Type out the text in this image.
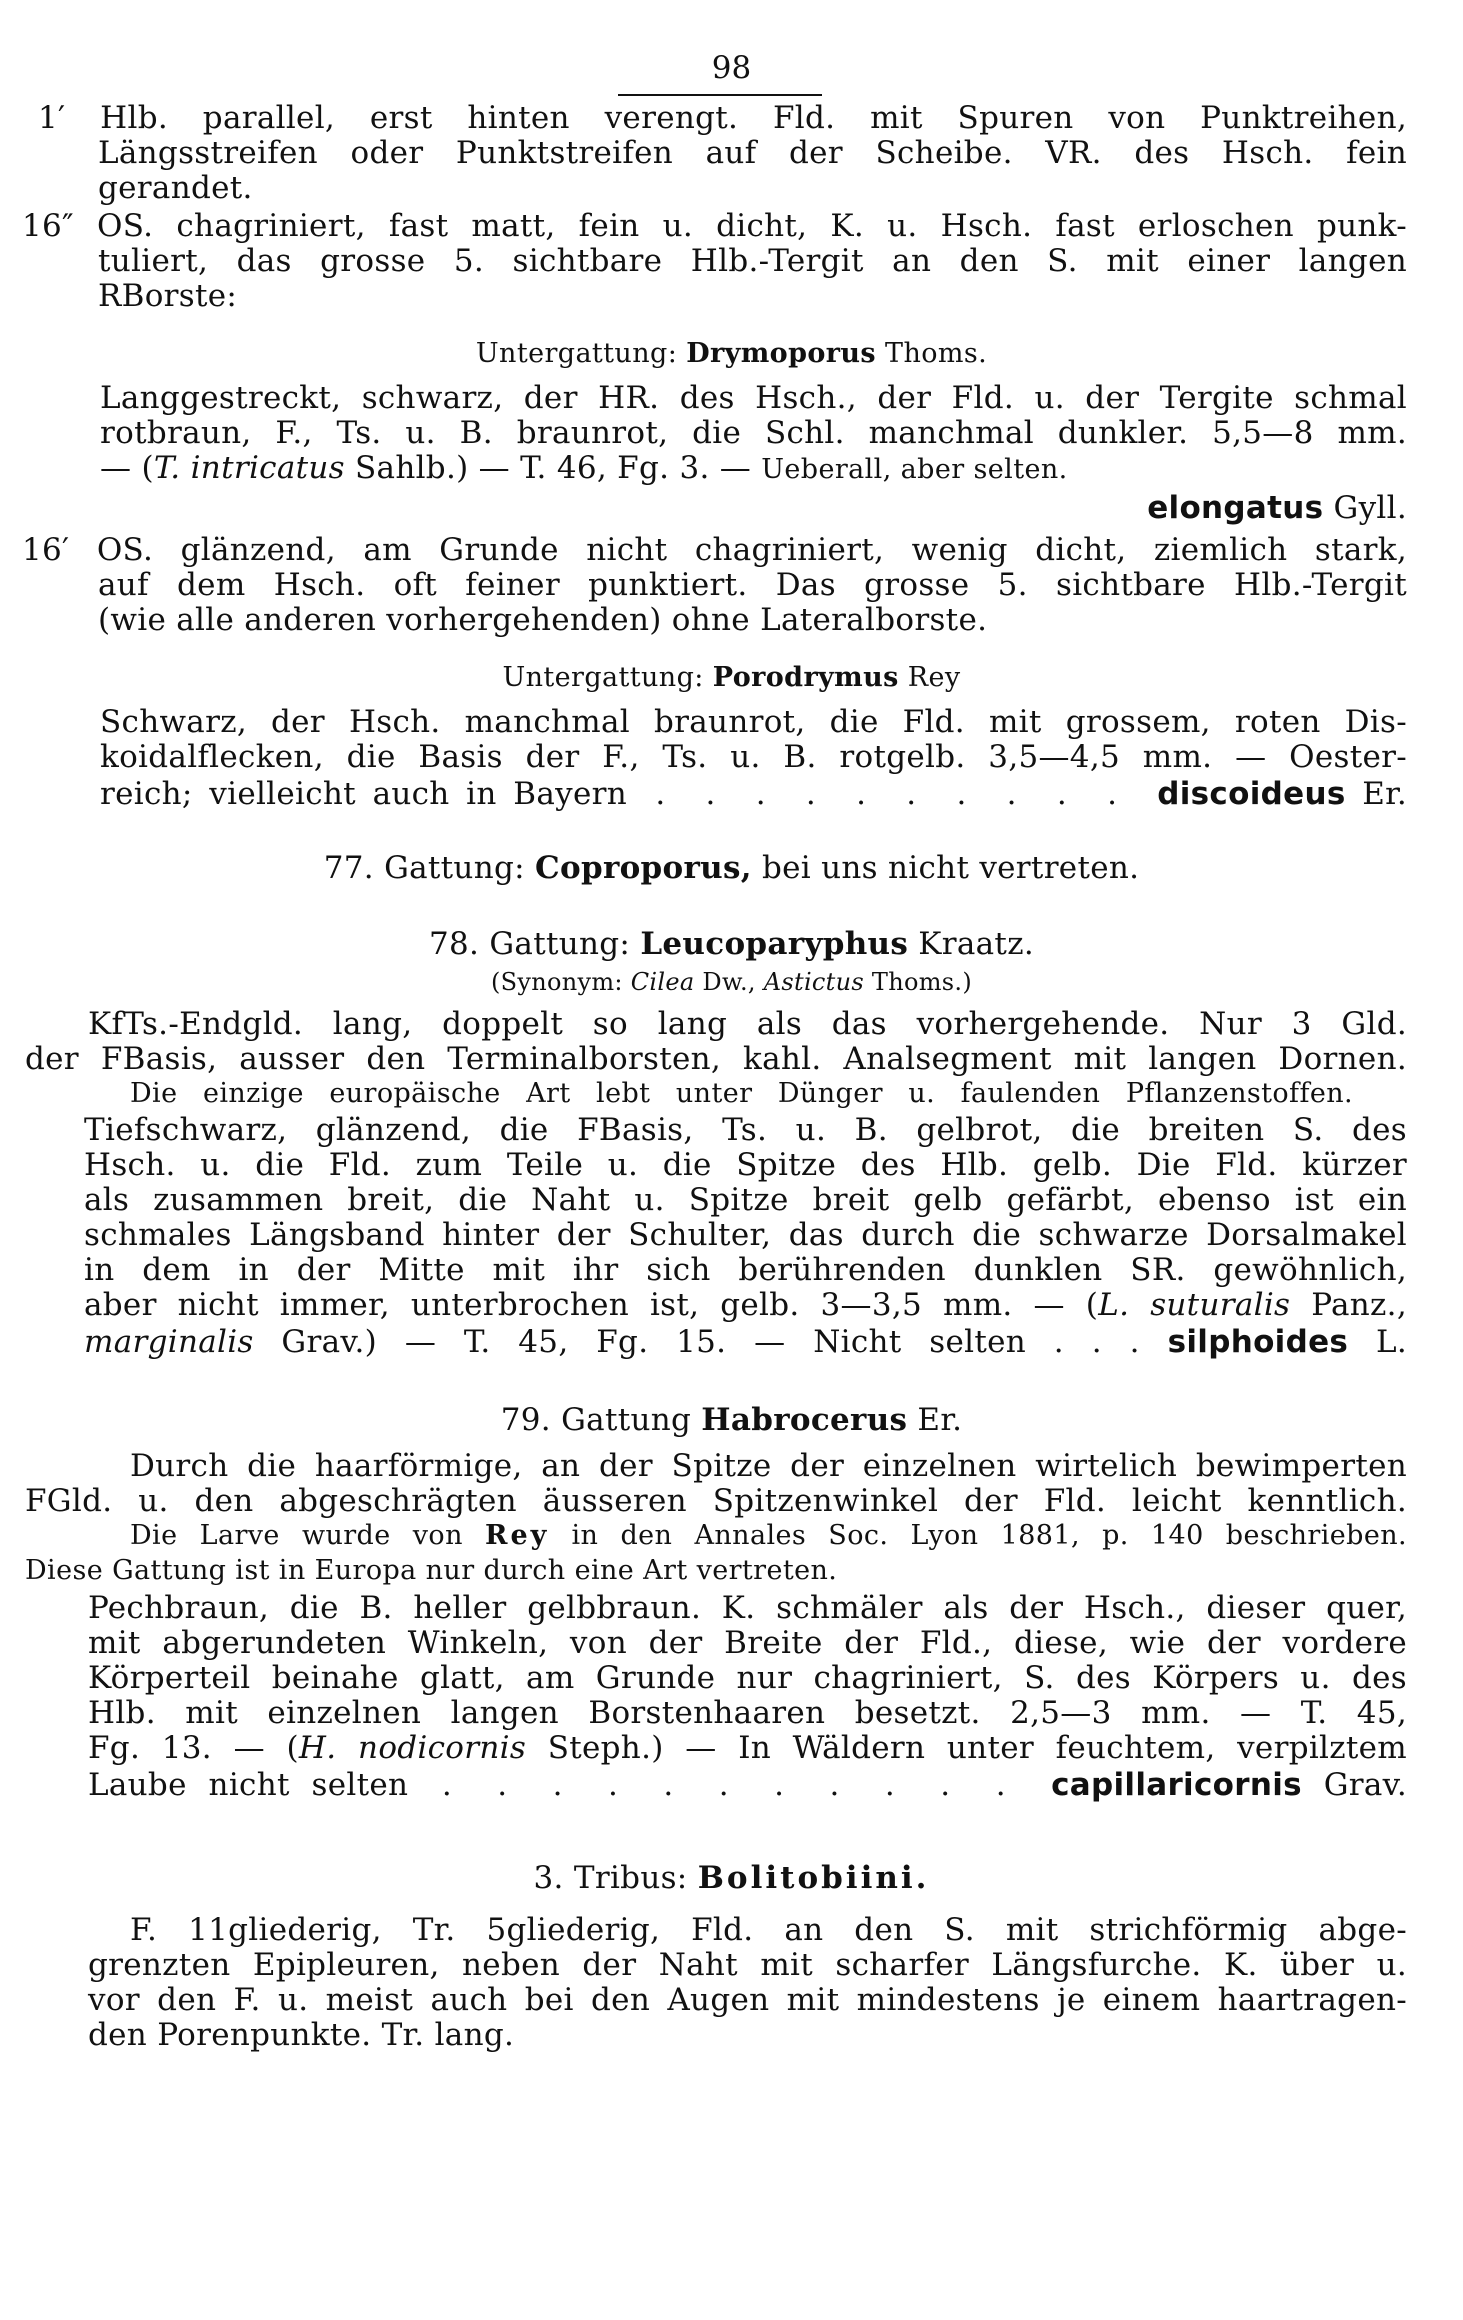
98
1′ Hlb. parallel, erst hinten verengt. Fld. mit Spuren von Punktreihen,
Längsstreifen oder Punktstreifen auf der Scheibe. VR. des Hsch. fein
gerandet.
16″ OS. chagriniert, fast matt, fein u. dicht, K. u. Hsch. fast erloschen punk-
tuliert, das grosse 5. sichtbare Hlb.-Tergit an den S. mit einer langen
RBorste:
Untergattung: Drymoporus Thoms.
Langgestreckt, schwarz, der HR. des Hsch., der Fld. u. der Tergite schmal
rotbraun, F., Ts. u. B. braunrot, die Schl. manchmal dunkler. 5,5—8 mm.
— (T. intricatus Sahlb.) — T. 46, Fg. 3. — Ueberall, aber selten.
elongatus Gyll.
16′ OS. glänzend, am Grunde nicht chagriniert, wenig dicht, ziemlich stark,
auf dem Hsch. oft feiner punktiert. Das grosse 5. sichtbare Hlb.-Tergit
(wie alle anderen vorhergehenden) ohne Lateralborste.
Untergattung: Porodrymus Rey
Schwarz, der Hsch. manchmal braunrot, die Fld. mit grossem, roten Dis-
koidalflecken, die Basis der F., Ts. u. B. rotgelb. 3,5—4,5 mm. — Oester-
reich; vielleicht auch in Bayern . . . . . . . . . . discoideus Er.
77. Gattung: Coproporus, bei uns nicht vertreten.
78. Gattung: Leucoparyphus Kraatz.
(Synonym: Cilea Dw., Astictus Thoms.)
KfTs.-Endgld. lang, doppelt so lang als das vorhergehende. Nur 3 Gld.
der FBasis, ausser den Terminalborsten, kahl. Analsegment mit langen Dornen.
Die einzige europäische Art lebt unter Dünger u. faulenden Pflanzenstoffen.
Tiefschwarz, glänzend, die FBasis, Ts. u. B. gelbrot, die breiten S. des
Hsch. u. die Fld. zum Teile u. die Spitze des Hlb. gelb. Die Fld. kürzer
als zusammen breit, die Naht u. Spitze breit gelb gefärbt, ebenso ist ein
schmales Längsband hinter der Schulter, das durch die schwarze Dorsalmakel
in dem in der Mitte mit ihr sich berührenden dunklen SR. gewöhnlich,
aber nicht immer, unterbrochen ist, gelb. 3—3,5 mm. — (L. suturalis Panz.,
marginalis Grav.) — T. 45, Fg. 15. — Nicht selten . . . silphoides L.
79. Gattung Habrocerus Er.
Durch die haarförmige, an der Spitze der einzelnen wirtelich bewimperten
FGld. u. den abgeschrägten äusseren Spitzenwinkel der Fld. leicht kenntlich.
Die Larve wurde von Rey in den Annales Soc. Lyon 1881, p. 140 beschrieben.
Diese Gattung ist in Europa nur durch eine Art vertreten.
Pechbraun, die B. heller gelbbraun. K. schmäler als der Hsch., dieser quer,
mit abgerundeten Winkeln, von der Breite der Fld., diese, wie der vordere
Körperteil beinahe glatt, am Grunde nur chagriniert, S. des Körpers u. des
Hlb. mit einzelnen langen Borstenhaaren besetzt. 2,5—3 mm. — T. 45,
Fg. 13. — (H. nodicornis Steph.) — In Wäldern unter feuchtem, verpilztem
Laube nicht selten . . . . . . . . . . . capillaricornis Grav.
3. Tribus: Bolitobiini.
F. 11gliederig, Tr. 5gliederig, Fld. an den S. mit strichförmig abge-
grenzten Epipleuren, neben der Naht mit scharfer Längsfurche. K. über u.
vor den F. u. meist auch bei den Augen mit mindestens je einem haartragen-
den Porenpunkte. Tr. lang.
